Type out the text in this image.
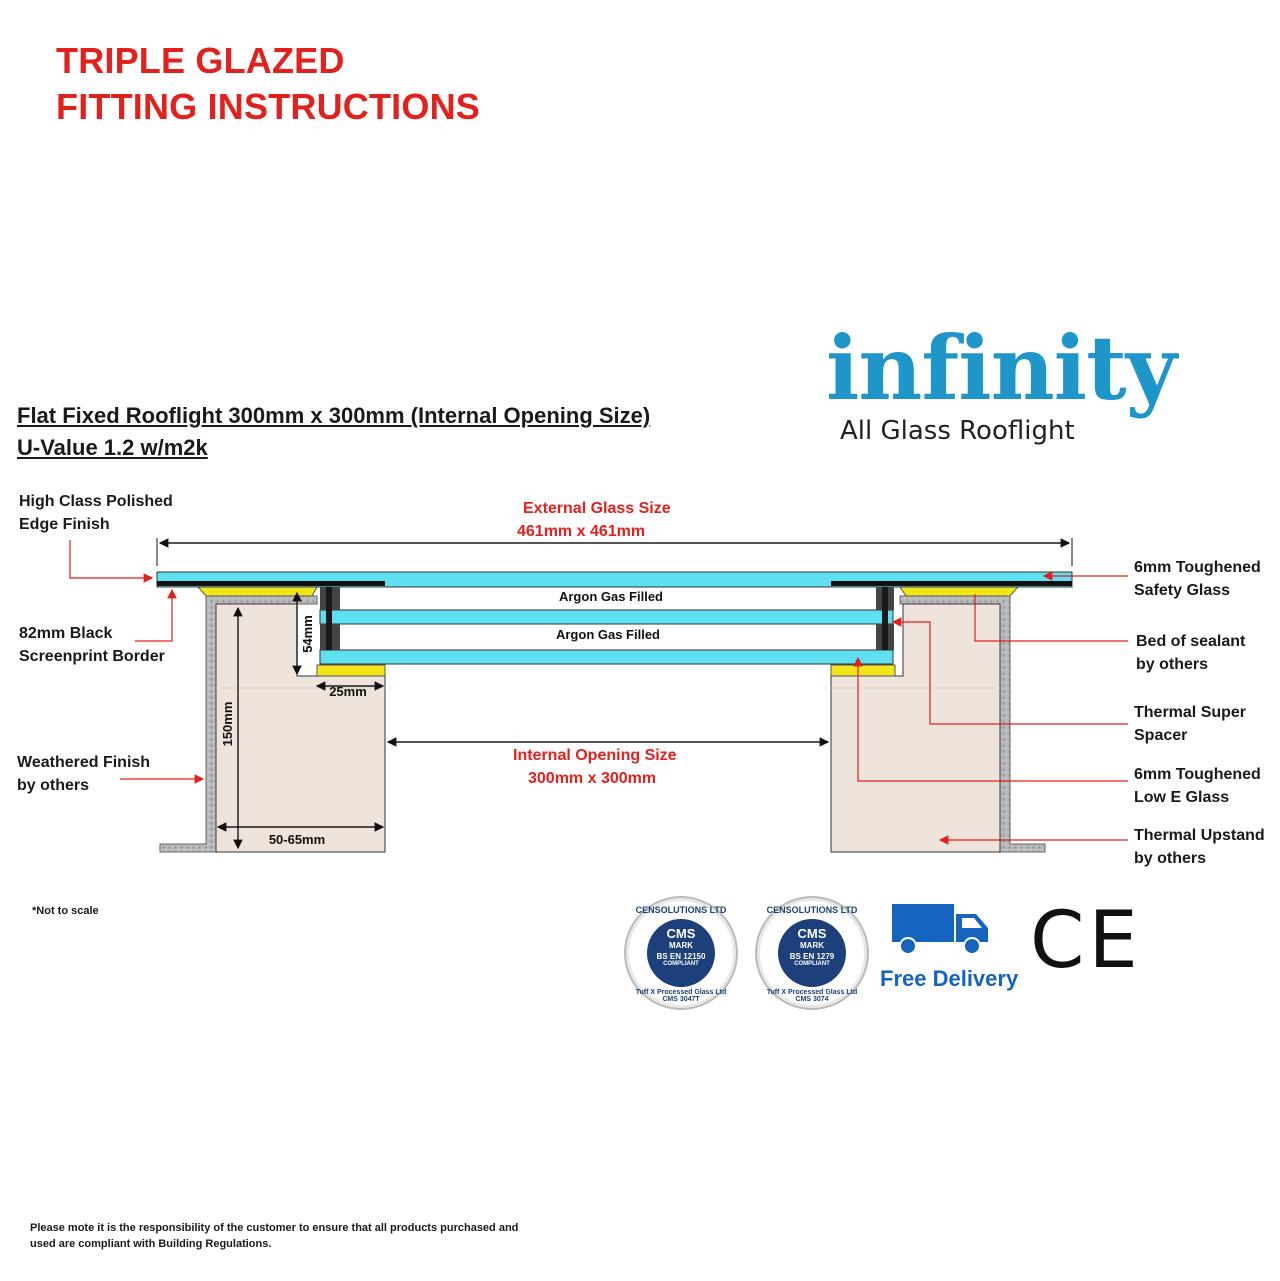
TRIPLE GLAZED
FITTING INSTRUCTIONS
Flat Fixed Rooflight 300mm x 300mm (Internal Opening Size)
U-Value 1.2 w/m2k
infinity
All Glass Rooflight
54mm
25mm
150mm
50-65mm
Argon Gas Filled
Argon Gas Filled
External Glass Size
461mm x 461mm
Internal Opening Size
300mm x 300mm
High Class Polished
Edge Finish
82mm Black
Screenprint Border
Weathered Finish
by others
6mm Toughened
Safety Glass
Bed of sealant
by others
Thermal Super
Spacer
6mm Toughened
Low E Glass
Thermal Upstand
by others
*Not to scale	CENSOLUTIONS LTD
CMS
MARK
BS EN 12150
COMPLIANT
Tuff X Processed Glass Ltd CMS 3047T
CENSOLUTIONS LTD
CMS
MARK
BS EN 1279
COMPLIANT
Tuff X Processed Glass Ltd CMS 3074
Free Delivery CE
Please mote it is the responsibility of the customer to ensure that all products purchased and
used are compliant with Building Regulations.
